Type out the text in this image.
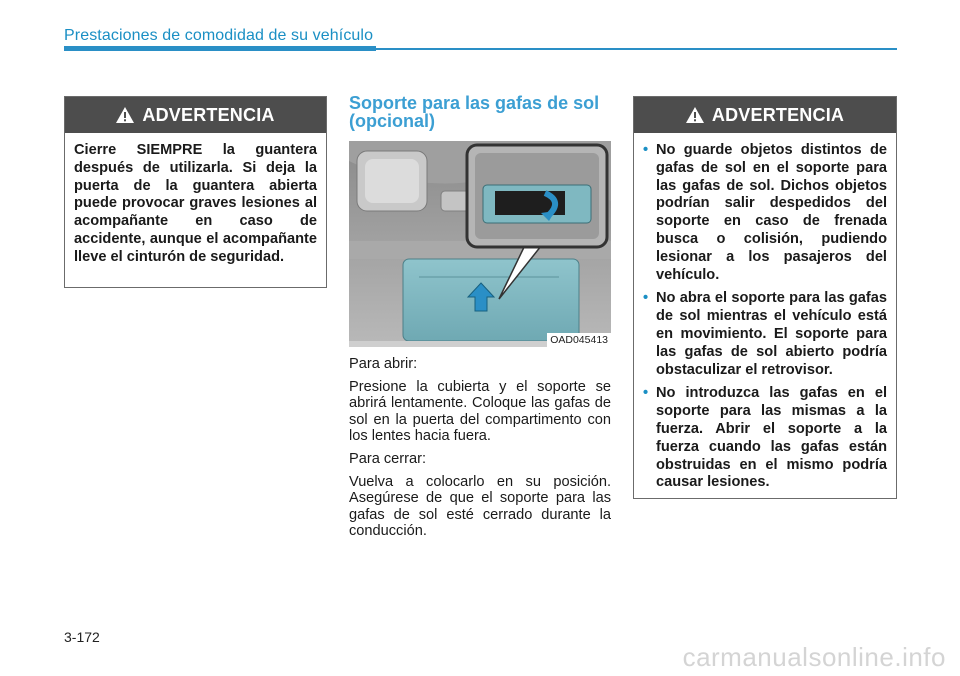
Prestaciones de comodidad de su vehículo
ADVERTENCIA
Cierre SIEMPRE la guantera después de utilizarla. Si deja la puerta de la guantera abierta puede provocar graves lesiones al acompañante en caso de accidente, aunque el acompañante lleve el cinturón de seguridad.
Soporte para las gafas de sol (opcional)
OAD045413

Para abrir:

Presione la cubierta y el soporte se abrirá lentamente. Coloque las gafas de sol en la puerta del compartimento con los lentes hacia fuera.

Para cerrar:

Vuelva a colocarlo en su posición. Asegúrese de que el soporte para las gafas de sol esté cerrado durante la conducción.

ADVERTENCIA
• No guarde objetos distintos de gafas de sol en el soporte para las gafas de sol. Dichos objetos podrían salir despedidos del soporte en caso de frenada busca o colisión, pudiendo lesionar a los pasajeros del vehículo.
• No abra el soporte para las gafas de sol mientras el vehículo está en movimiento. El soporte para las gafas de sol abierto podría obstaculizar el retrovisor.
• No introduzca las gafas en el soporte para las mismas a la fuerza. Abrir el soporte a la fuerza cuando las gafas están obstruidas en el mismo podría causar lesiones.
3-172
carmanualsonline.info
